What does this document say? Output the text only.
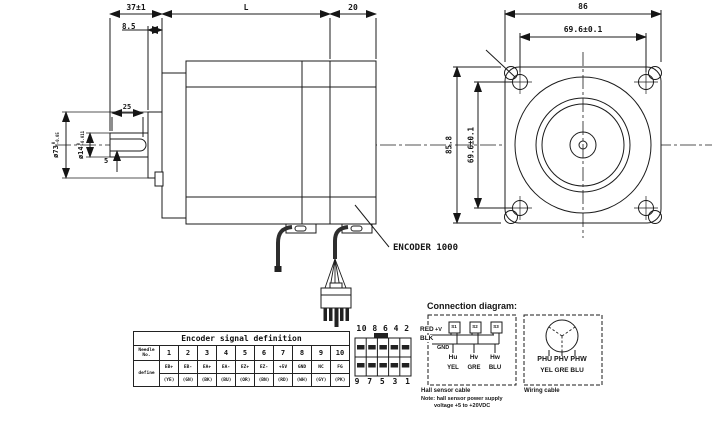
37±1	L	20
8.5
25
5
ø73
0 -0.05
ø14
0 -0.011
ENCODER 1000
86
69.6±0.1
85.8 69.6±0.1
Encoder signal definition										
Needle No.	1	2	3	4	5	6	7	8	9	10
define	EB+	EB-	EA+	EA-	EZ+	EZ-	+5V	GND	NC	FG
	(YE)	(GN)	(BK)	(BU)	(OR)	(BN)	(RD)	(WH)	(GY)	(PK)
10 8 6 4 2
9 7 5 3 1
Connection diagram:
RED
BLK
+V
GND
S1	S2	S3
Hu Hv Hw
YEL GRE BLU
Hall sensor cable
Note: hall sensor power supply
voltage +5 to +20VDC
PHU PHV PHW
YEL GRE BLU
Wiring cable
